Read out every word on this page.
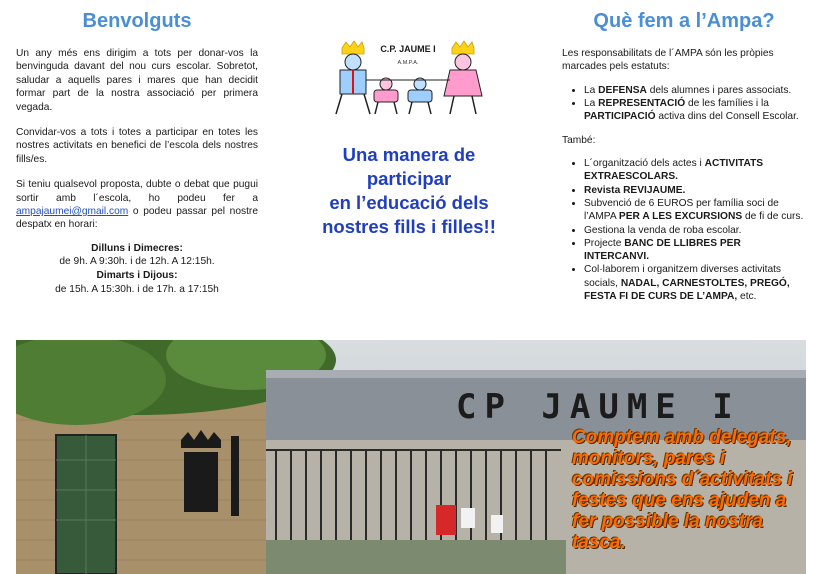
Benvolguts

Un any més ens dirigim a tots per donar-vos la benvinguda davant del nou curs escolar. Sobretot, saludar a aquells pares i mares que han decidit formar part de la nostra associació per primera vegada.

Convidar-vos a tots i totes a participar en totes les nostres activitats en benefici de l’escola dels nostres fills/es.

Si teniu qualsevol proposta, dubte o debat que pugui sortir amb l´escola, ho podeu fer a ampajaumei@gmail.com o podeu passar pel nostre despatx en horari:

Dilluns i Dimecres:
de 9h. A 9:30h. i de 12h. A 12:15h.
Dimarts i Dijous:
de 15h. A 15:30h. i de 17h. a 17:15h
C.P. JAUME I
A.M.P.A.
Una manera de
participar
en l’educació dels
nostres fills i filles!!
Què fem a l’Ampa?

Les responsabilitats de l´AMPA són les pròpies marcades pels estatuts:

• La DEFENSA dels alumnes i pares associats.
• La REPRESENTACIÓ de les famílies i la PARTICIPACIÓ activa dins del Consell Escolar.

També:

• L´organització dels actes i ACTIVITATS EXTRAESCOLARS.
• Revista REVIJAUME.
• Subvenció de 6 EUROS per família soci de l’AMPA PER A LES EXCURSIONS de fi de curs.
• Gestiona la venda de roba escolar.
• Projecte BANC DE LLIBRES PER INTERCANVI.
• Col·laborem i organitzem diverses activitats socials, NADAL, CARNESTOLTES, PREGÓ, FESTA FI DE CURS DE L’AMPA, etc.
CP JAUME I
Comptem amb delegats, monitors, pares i comissions d´activitats i festes que ens ajuden a fer possible la nostra tasca.
